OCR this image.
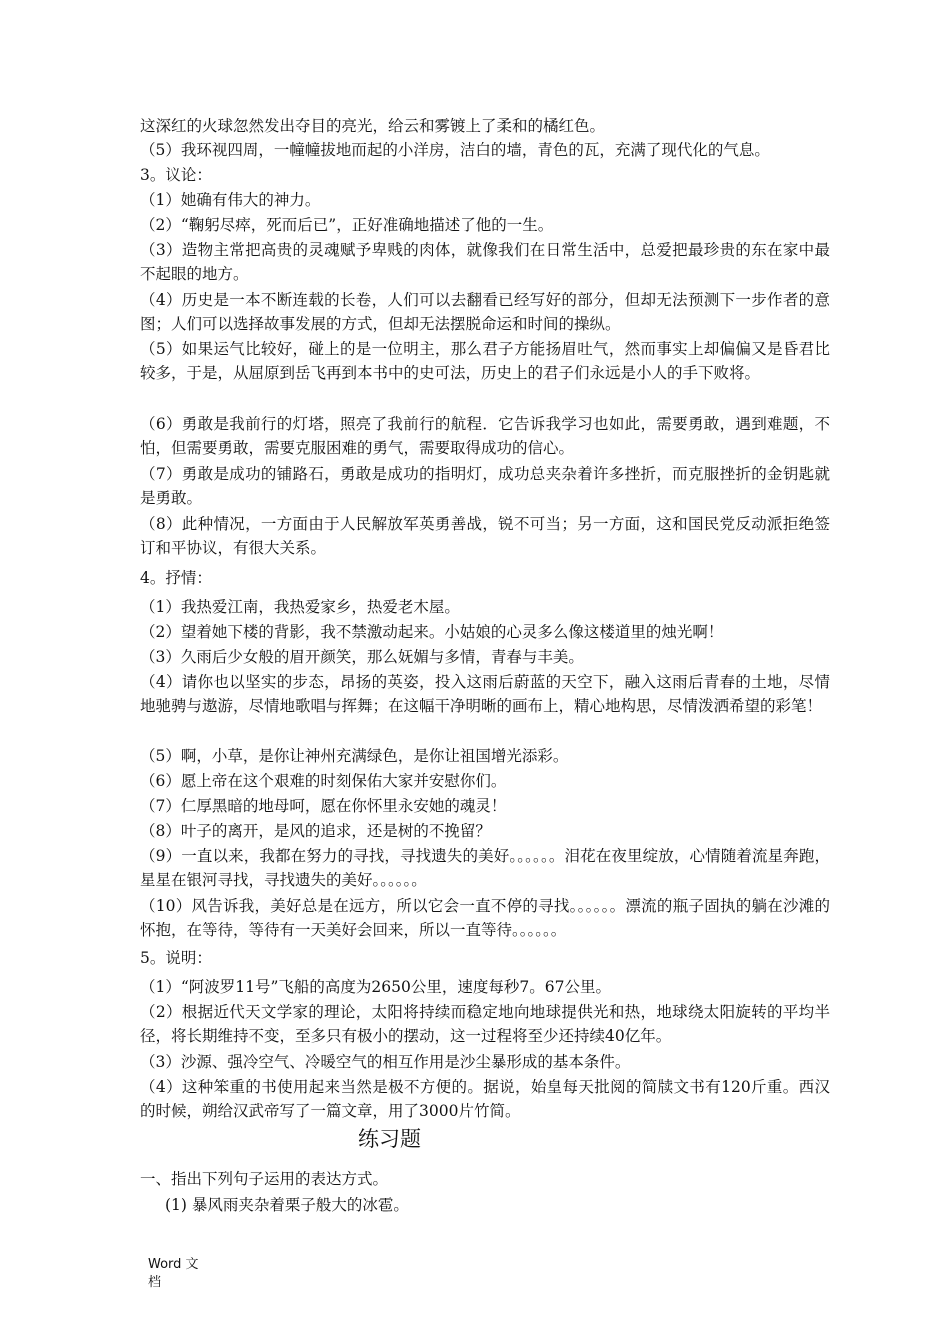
这深红的火球忽然发出夺目的亮光，给云和雾镀上了柔和的橘红色。

（5）我环视四周，一幢幢拔地而起的小洋房，洁白的墙，青色的瓦，充满了现代化的气息。

3。议论：

（1）她确有伟大的神力。

（2）“鞠躬尽瘁，死而后已”，正好准确地描述了他的一生。

（3）造物主常把高贵的灵魂赋予卑贱的肉体，就像我们在日常生活中，总爱把最珍贵的东在家中最不起眼的地方。

（4）历史是一本不断连载的长卷，人们可以去翻看已经写好的部分，但却无法预测下一步作者的意图；人们可以选择故事发展的方式，但却无法摆脱命运和时间的操纵。

（5）如果运气比较好，碰上的是一位明主，那么君子方能扬眉吐气，然而事实上却偏偏又是昏君比较多，于是，从屈原到岳飞再到本书中的史可法，历史上的君子们永远是小人的手下败将。

（6）勇敢是我前行的灯塔，照亮了我前行的航程．它告诉我学习也如此，需要勇敢，遇到难题，不怕，但需要勇敢，需要克服困难的勇气，需要取得成功的信心。

（7）勇敢是成功的铺路石，勇敢是成功的指明灯，成功总夹杂着许多挫折，而克服挫折的金钥匙就是勇敢。

（8）此种情况，一方面由于人民解放军英勇善战，锐不可当；另一方面，这和国民党反动派拒绝签订和平协议，有很大关系。

4。抒情：

（1）我热爱江南，我热爱家乡，热爱老木屋。

（2）望着她下楼的背影，我不禁激动起来。小姑娘的心灵多么像这楼道里的烛光啊！

（3）久雨后少女般的眉开颜笑，那么妩媚与多情，青春与丰美。

（4）请你也以坚实的步态，昂扬的英姿，投入这雨后蔚蓝的天空下，融入这雨后青春的土地，尽情地驰骋与遨游，尽情地歌唱与挥舞；在这幅干净明晰的画布上，精心地构思，尽情泼洒希望的彩笔！

（5）啊，小草，是你让神州充满绿色，是你让祖国增光添彩。

（6）愿上帝在这个艰难的时刻保佑大家并安慰你们。

（7）仁厚黑暗的地母呵，愿在你怀里永安她的魂灵！

（8）叶子的离开，是风的追求，还是树的不挽留？

（9）一直以来，我都在努力的寻找，寻找遗失的美好。。。。。。泪花在夜里绽放，心情随着流星奔跑，星星在银河寻找，寻找遗失的美好。。。。。。

（10）风告诉我，美好总是在远方，所以它会一直不停的寻找。。。。。。漂流的瓶子固执的躺在沙滩的怀抱，在等待，等待有一天美好会回来，所以一直等待。。。。。。

5。说明：

（1）“阿波罗11号”飞船的高度为2650公里，速度每秒7。67公里。

（2）根据近代天文学家的理论，太阳将持续而稳定地向地球提供光和热，地球绕太阳旋转的平均半径，将长期维持不变，至多只有极小的摆动，这一过程将至少还持续40亿年。

（3）沙源、强冷空气、冷暖空气的相互作用是沙尘暴形成的基本条件。

（4）这种笨重的书使用起来当然是极不方便的。据说，始皇每天批阅的简牍文书有120斤重。西汉的时候，朔给汉武帝写了一篇文章，用了3000片竹简。

练习题

一、指出下列句子运用的表达方式。

(1) 暴风雨夹杂着栗子般大的冰雹。

Word 文档
